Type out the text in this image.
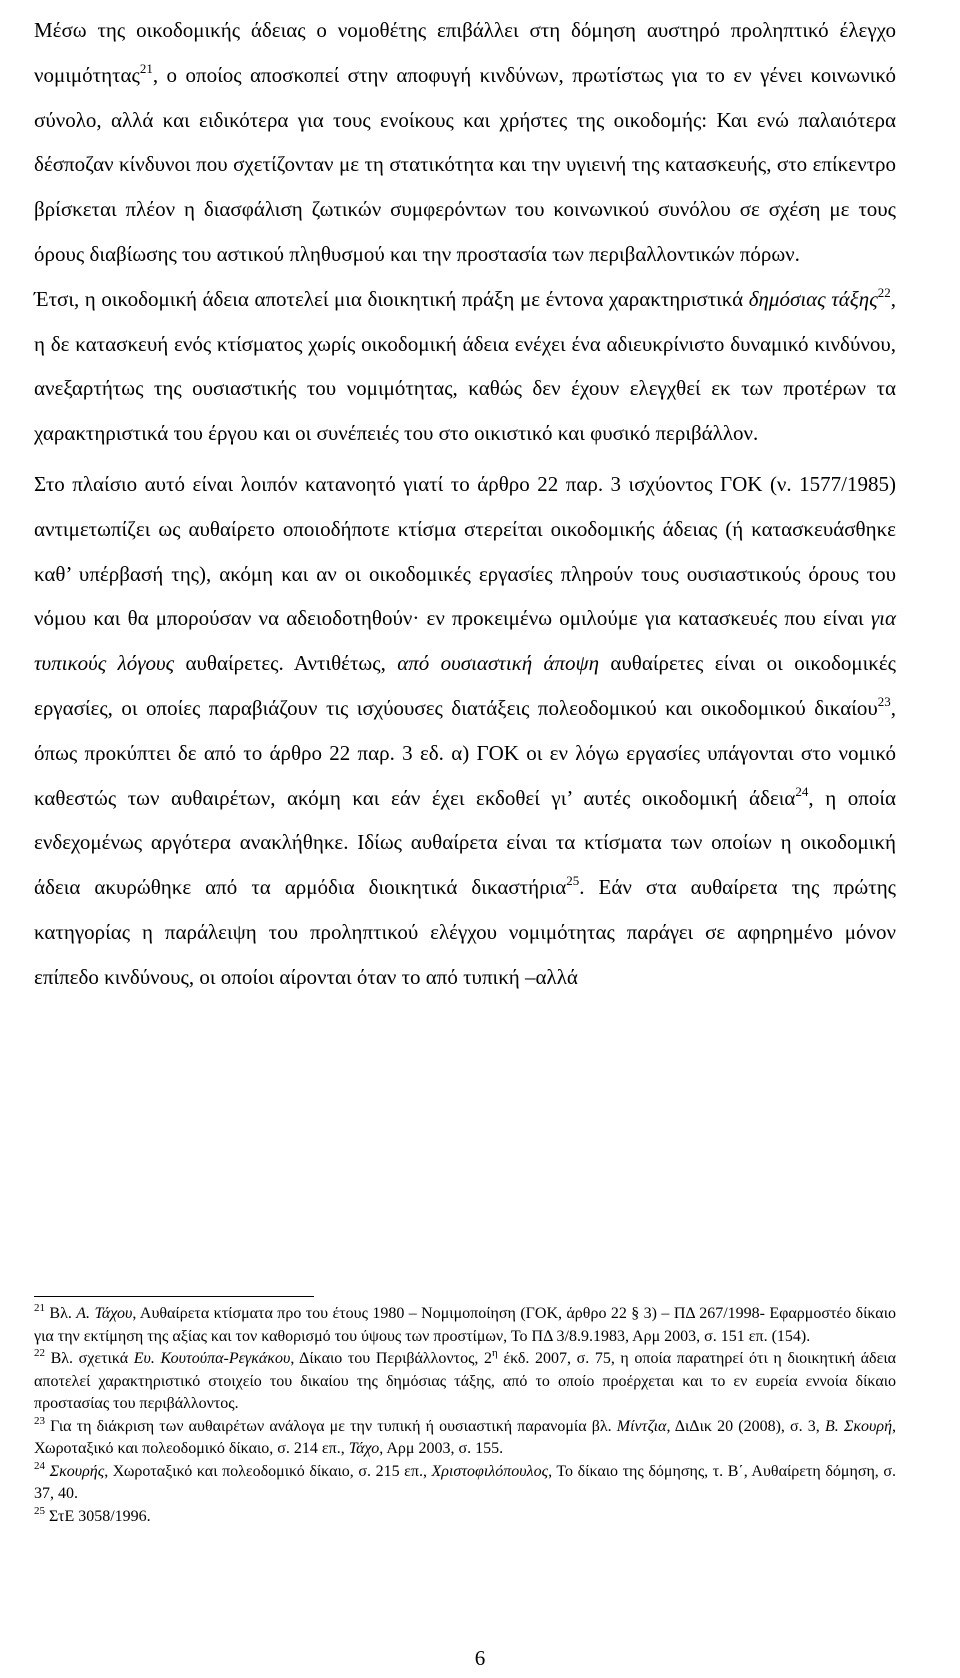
Μέσω της οικοδομικής άδειας ο νομοθέτης επιβάλλει στη δόμηση αυστηρό προληπτικό έλεγχο νομιμότητας$^{21}$, ο οποίος αποσκοπεί στην αποφυγή κινδύνων, πρωτίστως για το εν γένει κοινωνικό σύνολο, αλλά και ειδικότερα για τους ενοίκους και χρήστες της οικοδομής: Και ενώ παλαιότερα δέσποζαν κίνδυνοι που σχετίζονταν με τη στατικότητα και την υγιεινή της κατασκευής, στο επίκεντρο βρίσκεται πλέον η διασφάλιση ζωτικών συμφερόντων του κοινωνικού συνόλου σε σχέση με τους όρους διαβίωσης του αστικού πληθυσμού και την προστασία των περιβαλλοντικών πόρων.
Έτσι, η οικοδομική άδεια αποτελεί μια διοικητική πράξη με έντονα χαρακτηριστικά δημόσιας τάξης$^{22}$, η δε κατασκευή ενός κτίσματος χωρίς οικοδομική άδεια ενέχει ένα αδιευκρίνιστο δυναμικό κινδύνου, ανεξαρτήτως της ουσιαστικής του νομιμότητας, καθώς δεν έχουν ελεγχθεί εκ των προτέρων τα χαρακτηριστικά του έργου και οι συνέπειές του στο οικιστικό και φυσικό περιβάλλον.
Στο πλαίσιο αυτό είναι λοιπόν κατανοητό γιατί το άρθρο 22 παρ. 3 ισχύοντος ΓΟΚ (ν. 1577/1985) αντιμετωπίζει ως αυθαίρετο οποιοδήποτε κτίσμα στερείται οικοδομικής άδειας (ή κατασκευάσθηκε καθ’ υπέρβασή της), ακόμη και αν οι οικοδομικές εργασίες πληρούν τους ουσιαστικούς όρους του νόμου και θα μπορούσαν να αδειοδοτηθούν· εν προκειμένω ομιλούμε για κατασκευές που είναι για τυπικούς λόγους αυθαίρετες. Αντιθέτως, από ουσιαστική άποψη αυθαίρετες είναι οι οικοδομικές εργασίες, οι οποίες παραβιάζουν τις ισχύουσες διατάξεις πολεοδομικού και οικοδομικού δικαίου$^{23}$, όπως προκύπτει δε από το άρθρο 22 παρ. 3 εδ. α) ΓΟΚ οι εν λόγω εργασίες υπάγονται στο νομικό καθεστώς των αυθαιρέτων, ακόμη και εάν έχει εκδοθεί γι’ αυτές οικοδομική άδεια$^{24}$, η οποία ενδεχομένως αργότερα ανακλήθηκε. Ιδίως αυθαίρετα είναι τα κτίσματα των οποίων η οικοδομική άδεια ακυρώθηκε από τα αρμόδια διοικητικά δικαστήρια$^{25}$. Εάν στα αυθαίρετα της πρώτης κατηγορίας η παράλειψη του προληπτικού ελέγχου νομιμότητας παράγει σε αφηρημένο μόνον επίπεδο κινδύνους, οι οποίοι αίρονται όταν το από τυπική –αλλά

$^{21}$ Βλ. Α. Τάχου, Αυθαίρετα κτίσματα προ του έτους 1980 – Νομιμοποίηση (ΓΟΚ, άρθρο 22 § 3) – ΠΔ 267/1998- Εφαρμοστέο δίκαιο για την εκτίμηση της αξίας και τον καθορισμό του ύψους των προστίμων, Το ΠΔ 3/8.9.1983, Αρμ 2003, σ. 151 επ. (154).

$^{22}$ Βλ. σχετικά Ευ. Κουτούπα-Ρεγκάκου, Δίκαιο του Περιβάλλοντος, $2^\eta$ έκδ. 2007, σ. 75, η οποία παρατηρεί ότι η διοικητική άδεια αποτελεί χαρακτηριστικό στοιχείο του δικαίου της δημόσιας τάξης, από το οποίο προέρχεται και το εν ευρεία εννοία δίκαιο προστασίας του περιβάλλοντος.

$^{23}$ Για τη διάκριση των αυθαιρέτων ανάλογα με την τυπική ή ουσιαστική παρανομία βλ. Μίντζια, ΔιΔικ 20 (2008), σ. 3, Β. Σκουρή, Χωροταξικό και πολεοδομικό δίκαιο, σ. 214 επ., Τάχο, Αρμ 2003, σ. 155.

$^{24}$ Σκουρής, Χωροταξικό και πολεοδομικό δίκαιο, σ. 215 επ., Χριστοφιλόπουλος, Το δίκαιο της δόμησης, τ. Β΄, Αυθαίρετη δόμηση, σ. 37, 40.

$^{25}$ ΣτΕ 3058/1996.

6
